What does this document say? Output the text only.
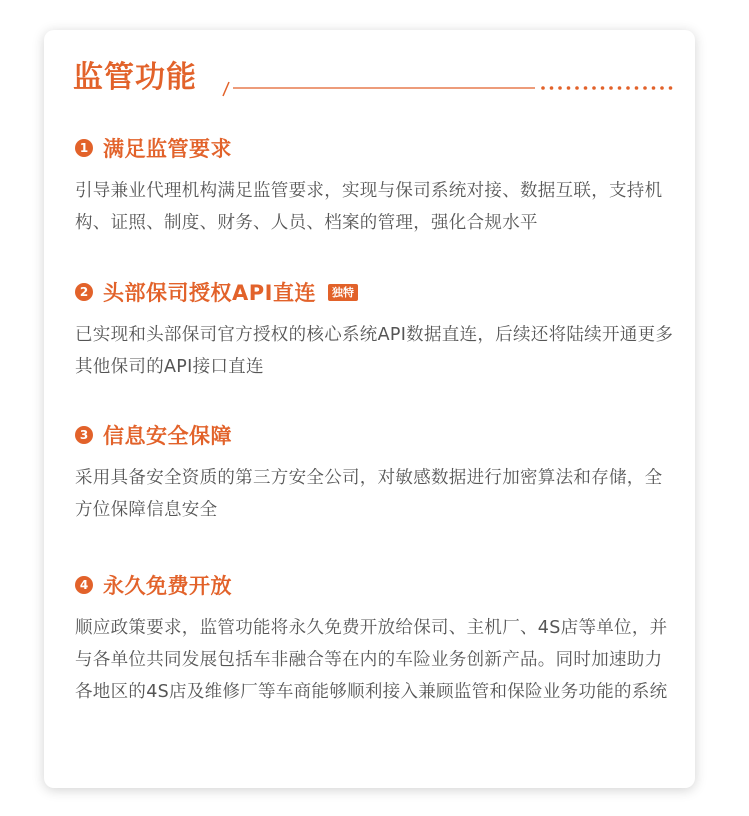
监管功能
1 满足监管要求
引导兼业代理机构满足监管要求，实现与保司系统对接、数据互联，支持机构、证照、制度、财务、人员、档案的管理，强化合规水平
2 头部保司授权API直连	独特
已实现和头部保司官方授权的核心系统API数据直连，后续还将陆续开通更多其他保司的API接口直连
3 信息安全保障
采用具备安全资质的第三方安全公司，对敏感数据进行加密算法和存储，全方位保障信息安全
4 永久免费开放
顺应政策要求，监管功能将永久免费开放给保司、主机厂、4S店等单位，并与各单位共同发展包括车非融合等在内的车险业务创新产品。同时加速助力各地区的4S店及维修厂等车商能够顺利接入兼顾监管和保险业务功能的系统
